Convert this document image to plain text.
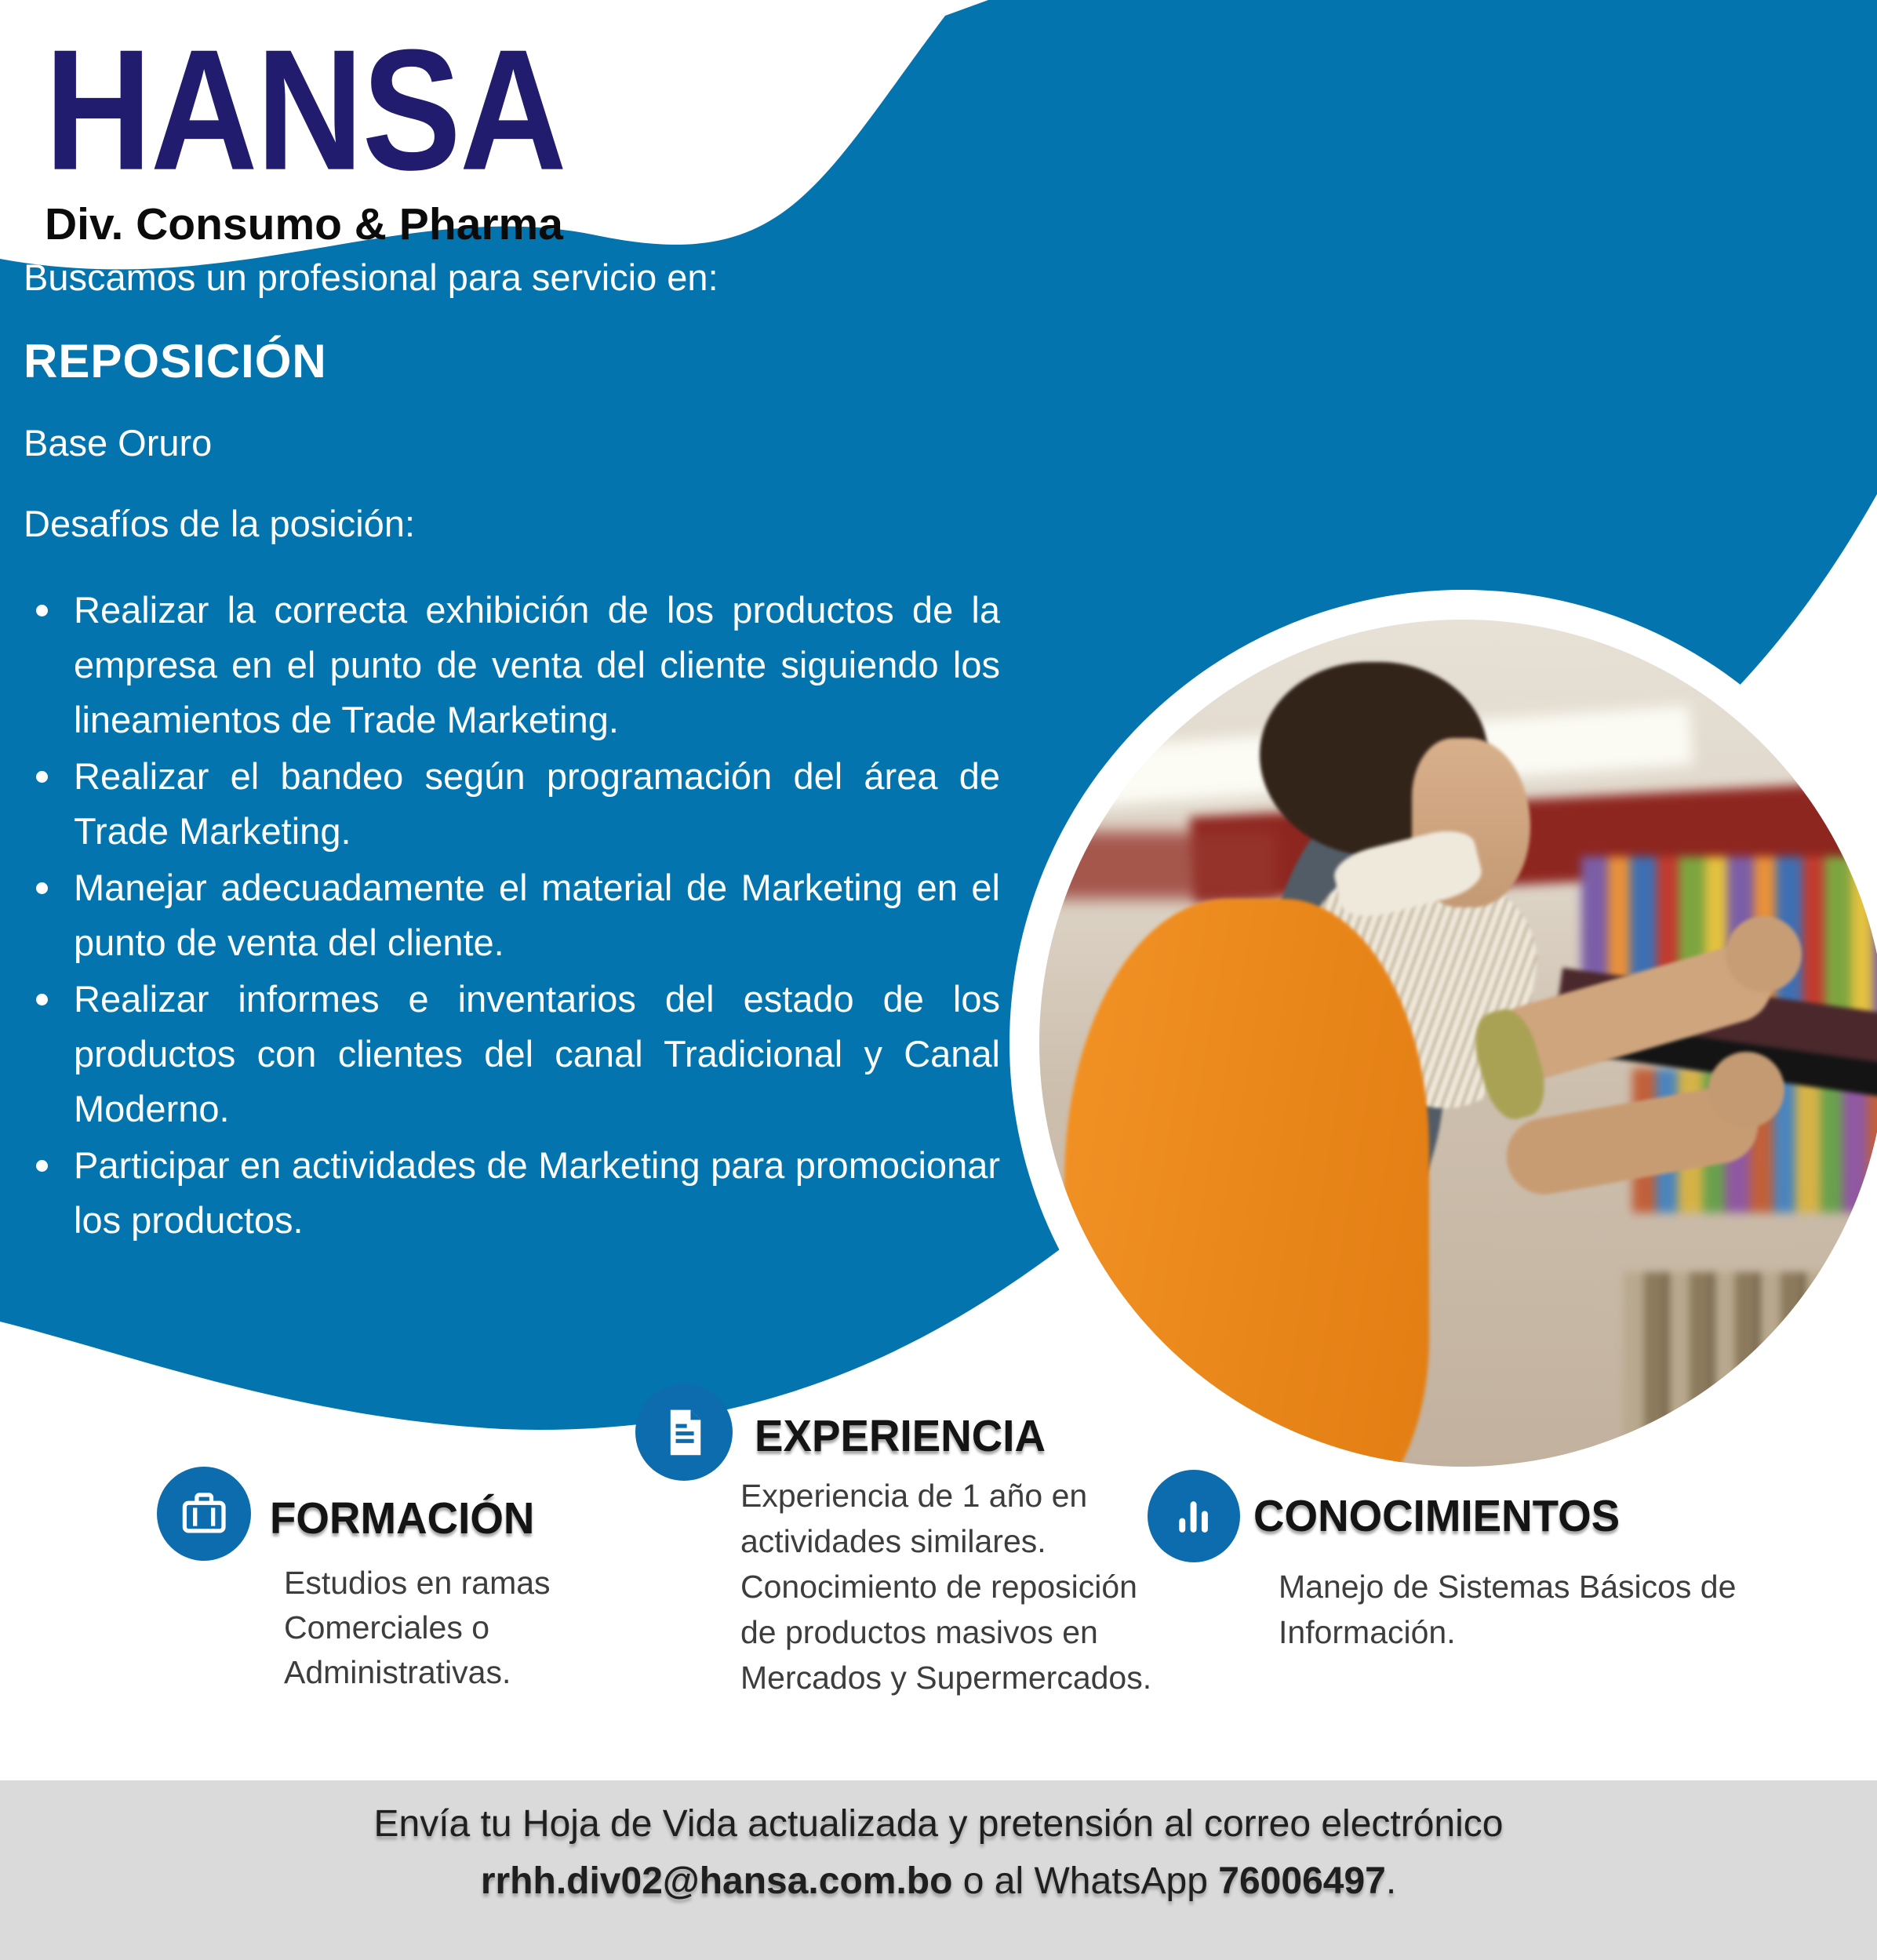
HANSA
Div. Consumo & Pharma
Buscamos un profesional para servicio en:
REPOSICIÓN
Base Oruro
Desafíos de la posición:
Realizar la correcta exhibición de los productos de la empresa en el punto de venta del cliente siguiendo los lineamientos de Trade Marketing.
Realizar el bandeo según programación del área de Trade Marketing.
Manejar adecuadamente el material de Marketing en el punto de venta del cliente.
Realizar informes e inventarios del estado de los productos con clientes del canal Tradicional y Canal Moderno.
Participar en actividades de Marketing para promocionar los productos.
FORMACIÓN
Estudios en ramas Comerciales o Administrativas.
EXPERIENCIA
Experiencia de 1 año en actividades similares. Conocimiento de reposición de productos masivos en Mercados y Supermercados.
CONOCIMIENTOS
Manejo de Sistemas Básicos de Información.
Envía tu Hoja de Vida actualizada y pretensión al correo electrónico
rrhh.div02@hansa.com.bo o al WhatsApp 76006497.
